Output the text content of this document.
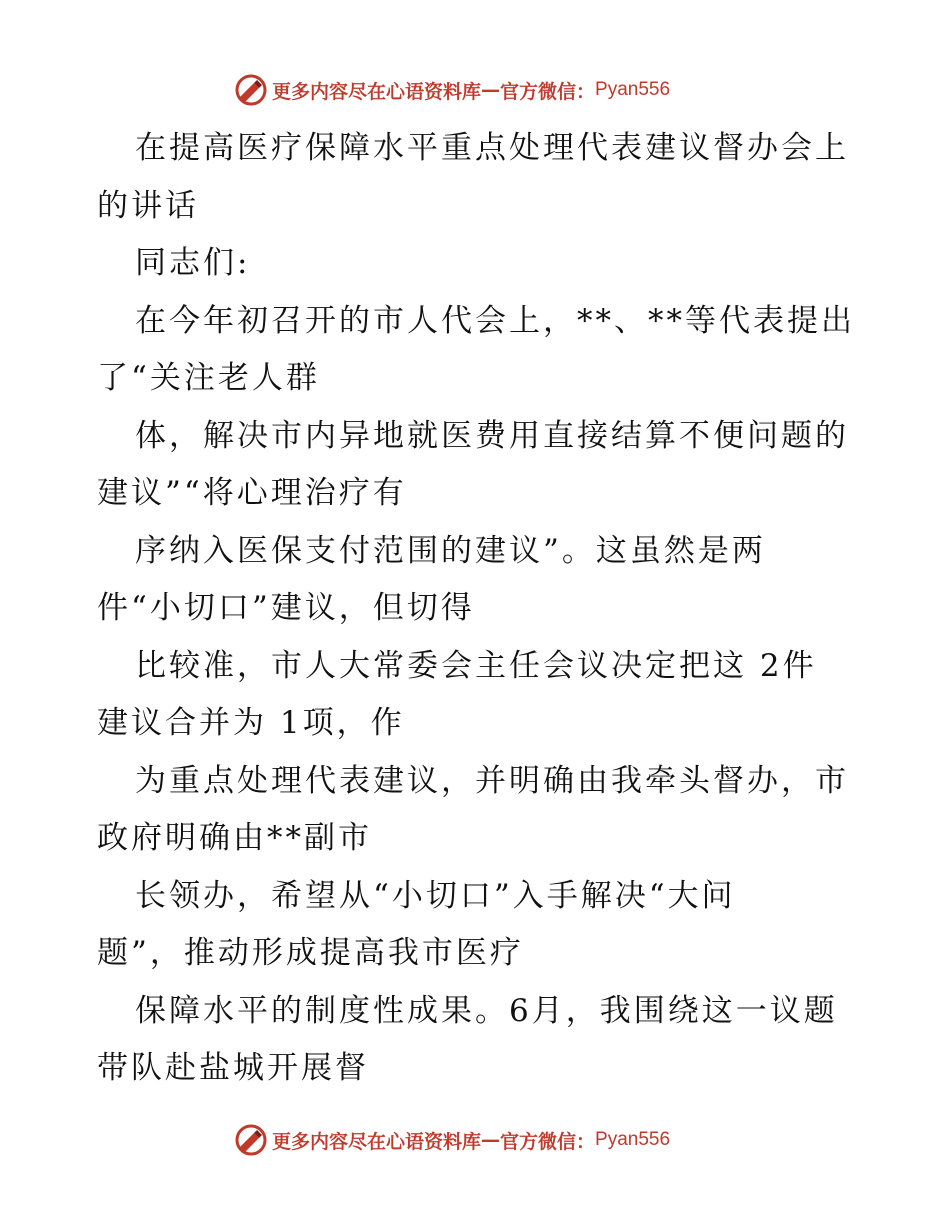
更多内容尽在心语资料库 — 官方微信： Pyan556
在提高医疗保障水平重点处理代表建议督办会上
的讲话
同志们:
在今年初召开的市人代会上，**、**等代表提出
了“关注老人群
体，解决市内异地就医费用直接结算不便问题的
建议”“将心理治疗有
序纳入医保支付范围的建议”。这虽然是两
件“小切口”建议，但切得
比较准，市人大常委会主任会议决定把这 2件
建议合并为 1项，作
为重点处理代表建议，并明确由我牵头督办，市
政府明确由**副市
长领办，希望从“小切口”入手解决“大问
题”，推动形成提高我市医疗
保障水平的制度性成果。6月，我围绕这一议题
带队赴盐城开展督
更多内容尽在心语资料库 — 官方微信： Pyan556
